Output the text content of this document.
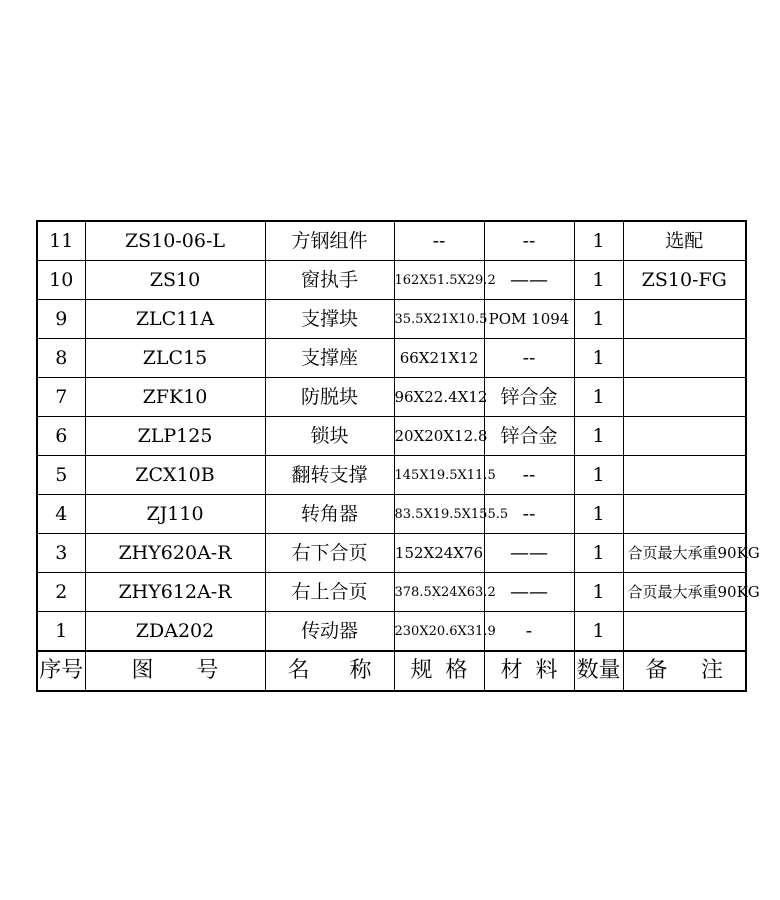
11	ZS10-06-L	方钢组件	--	--	1	选配
10	ZS10	窗执手	162X51.5X29.2	——	1	ZS10-FG
9	ZLC11A	支撑块	35.5X21X10.5	POM 1094	1	
8	ZLC15	支撑座	66X21X12	--	1	
7	ZFK10	防脱块	96X22.4X12	锌合金	1	
6	ZLP125	锁块	20X20X12.8	锌合金	1	
5	ZCX10B	翻转支撑	145X19.5X11.5	--	1	
4	ZJ110	转角器	83.5X19.5X155.5	--	1	
3	ZHY620A-R	右下合页	152X24X76	——	1	合页最大承重90KG
2	ZHY612A-R	右上合页	378.5X24X63.2	——	1	合页最大承重90KG
1	ZDA202	传动器	230X20.6X31.9	-	1	
序号	图 号	名 称	规 格	材 料	数量	备 注
